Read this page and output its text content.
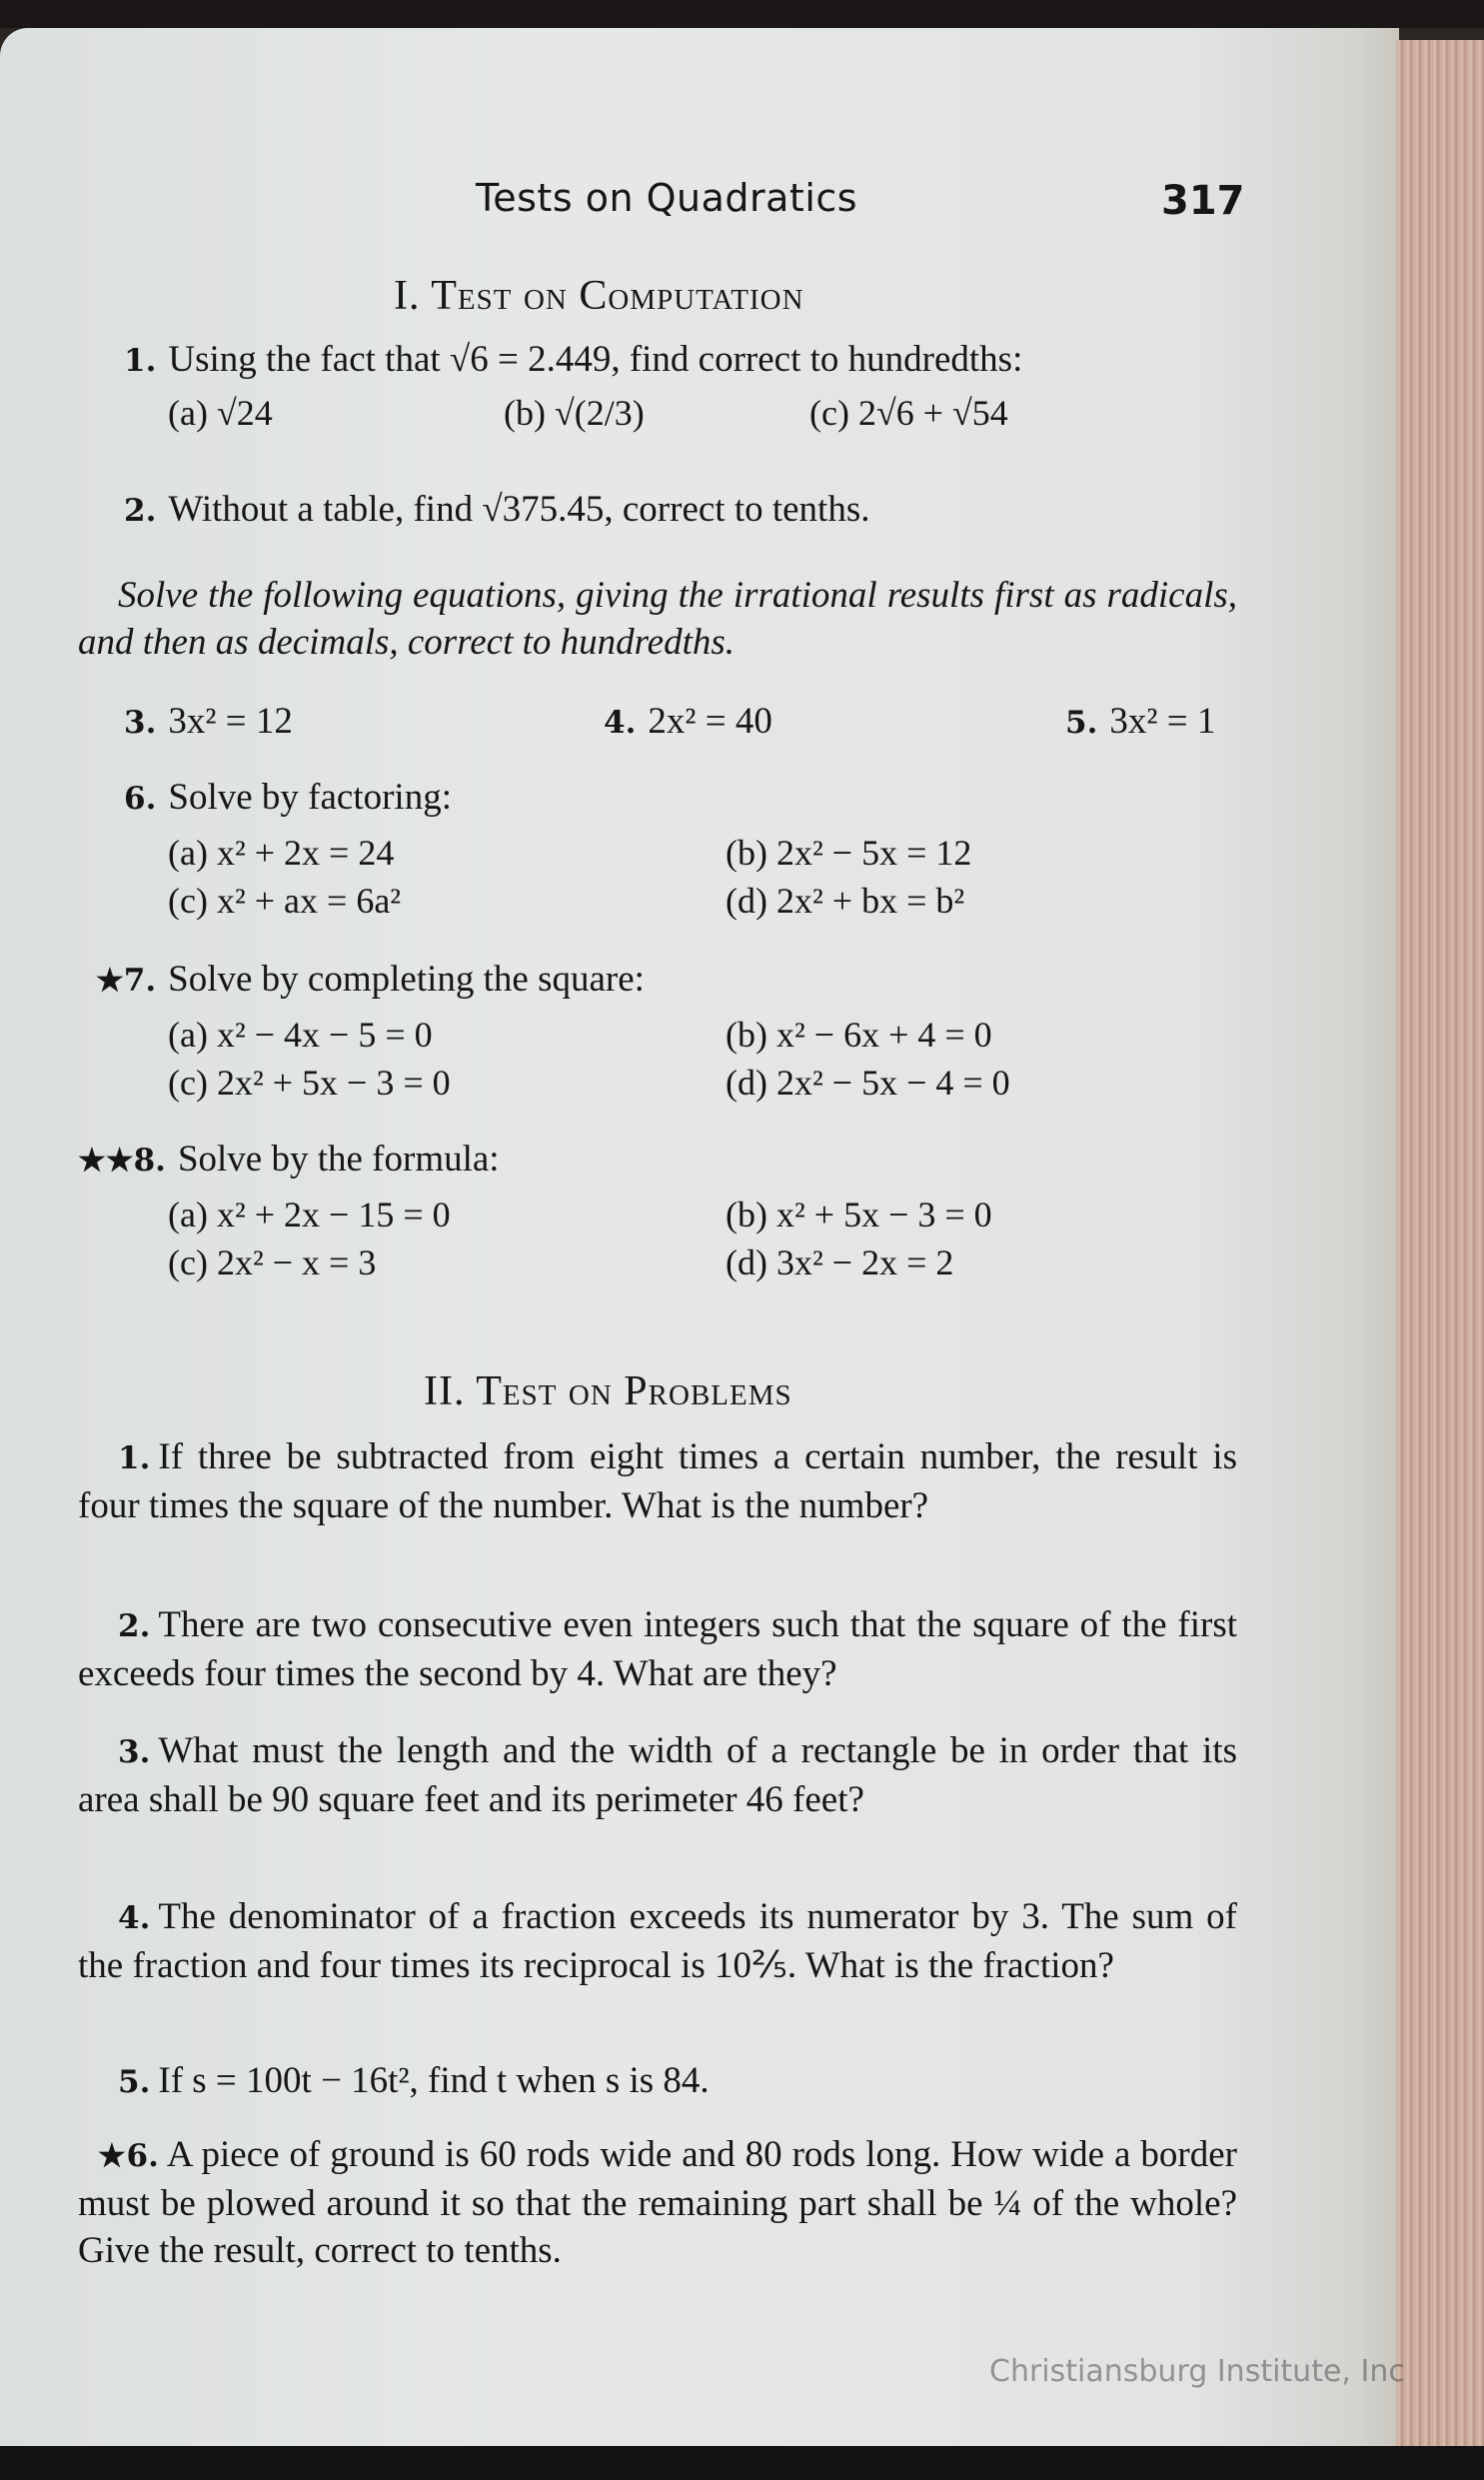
Tests on Quadratics	317
I. Test on Computation
1. Using the fact that √6 = 2.449, find correct to hundredths:
(a) √24	(b) √(2/3)	(c) 2√6 + √54
2. Without a table, find √375.45, correct to tenths.
Solve the following equations, giving the irrational results first as radicals, and then as decimals, correct to hundredths.
3. 3x² = 12	4. 2x² = 40	5. 3x² = 1
6. Solve by factoring:
(a) x² + 2x = 24	(b) 2x² − 5x = 12
(c) x² + ax = 6a²	(d) 2x² + bx = b²
★7. Solve by completing the square:
(a) x² − 4x − 5 = 0	(b) x² − 6x + 4 = 0
(c) 2x² + 5x − 3 = 0	(d) 2x² − 5x − 4 = 0
★★8. Solve by the formula:
(a) x² + 2x − 15 = 0	(b) x² + 5x − 3 = 0
(c) 2x² − x = 3	(d) 3x² − 2x = 2
II. Test on Problems
1. If three be subtracted from eight times a certain number, the result is four times the square of the number. What is the number?
2. There are two consecutive even integers such that the square of the first exceeds four times the second by 4. What are they?
3. What must the length and the width of a rectangle be in order that its area shall be 90 square feet and its perimeter 46 feet?
4. The denominator of a fraction exceeds its numerator by 3. The sum of the fraction and four times its reciprocal is 10⅖. What is the fraction?
5. If s = 100t − 16t², find t when s is 84.
★6. A piece of ground is 60 rods wide and 80 rods long. How wide a border must be plowed around it so that the remaining part shall be ¼ of the whole? Give the result, correct to tenths.
Christiansburg Institute, Inc
